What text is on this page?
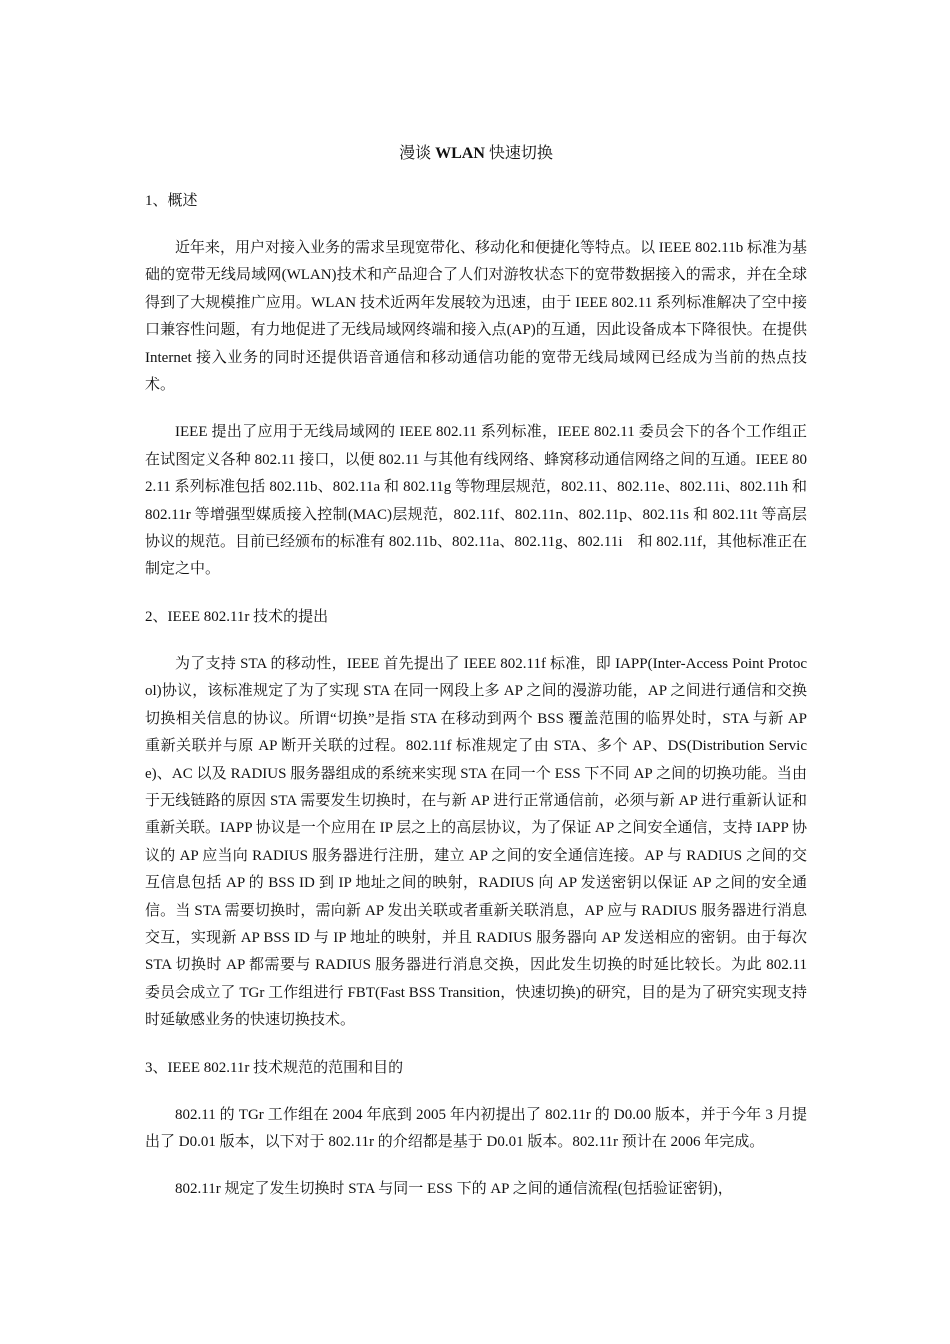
漫谈 WLAN 快速切换
1、概述

近年来，用户对接入业务的需求呈现宽带化、移动化和便捷化等特点。以 IEEE 802.11b 标准为基础的宽带无线局域网(WLAN)技术和产品迎合了人们对游牧状态下的宽带数据接入的需求，并在全球得到了大规模推广应用。WLAN 技术近两年发展较为迅速，由于 IEEE 802.11 系列标准解决了空中接口兼容性问题，有力地促进了无线局域网终端和接入点(AP)的互通，因此设备成本下降很快。在提供 Internet 接入业务的同时还提供语音通信和移动通信功能的宽带无线局域网已经成为当前的热点技术。

IEEE 提出了应用于无线局域网的 IEEE 802.11 系列标准，IEEE 802.11 委员会下的各个工作组正在试图定义各种 802.11 接口，以便 802.11 与其他有线网络、蜂窝移动通信网络之间的互通。IEEE 802.11 系列标准包括 802.11b、802.11a 和 802.11g 等物理层规范，802.11、802.11e、802.11i、802.11h 和 802.11r 等增强型媒质接入控制(MAC)层规范，802.11f、802.11n、802.11p、802.11s 和 802.11t 等高层协议的规范。目前已经颁布的标准有 802.11b、802.11a、802.11g、802.11i　和 802.11f，其他标准正在制定之中。

2、IEEE 802.11r 技术的提出

为了支持 STA 的移动性，IEEE 首先提出了 IEEE 802.11f 标准，即 IAPP(Inter-Access Point Protocol)协议，该标准规定了为了实现 STA 在同一网段上多 AP 之间的漫游功能，AP 之间进行通信和交换切换相关信息的协议。所谓“切换”是指 STA 在移动到两个 BSS 覆盖范围的临界处时，STA 与新 AP 重新关联并与原 AP 断开关联的过程。802.11f 标准规定了由 STA、多个 AP、DS(Distribution Service)、AC 以及 RADIUS 服务器组成的系统来实现 STA 在同一个 ESS 下不同 AP 之间的切换功能。当由于无线链路的原因 STA 需要发生切换时，在与新 AP 进行正常通信前，必须与新 AP 进行重新认证和重新关联。IAPP 协议是一个应用在 IP 层之上的高层协议，为了保证 AP 之间安全通信，支持 IAPP 协议的 AP 应当向 RADIUS 服务器进行注册，建立 AP 之间的安全通信连接。AP 与 RADIUS 之间的交互信息包括 AP 的 BSS ID 到 IP 地址之间的映射，RADIUS 向 AP 发送密钥以保证 AP 之间的安全通信。当 STA 需要切换时，需向新 AP 发出关联或者重新关联消息，AP 应与 RADIUS 服务器进行消息交互，实现新 AP BSS ID 与 IP 地址的映射，并且 RADIUS 服务器向 AP 发送相应的密钥。由于每次 STA 切换时 AP 都需要与 RADIUS 服务器进行消息交换，因此发生切换的时延比较长。为此 802.11 委员会成立了 TGr 工作组进行 FBT(Fast BSS Transition，快速切换)的研究，目的是为了研究实现支持时延敏感业务的快速切换技术。

3、IEEE 802.11r 技术规范的范围和目的

802.11 的 TGr 工作组在 2004 年底到 2005 年内初提出了 802.11r 的 D0.00 版本，并于今年 3 月提出了 D0.01 版本，以下对于 802.11r 的介绍都是基于 D0.01 版本。802.11r 预计在 2006 年完成。

802.11r 规定了发生切换时 STA 与同一 ESS 下的 AP 之间的通信流程(包括验证密钥)，
